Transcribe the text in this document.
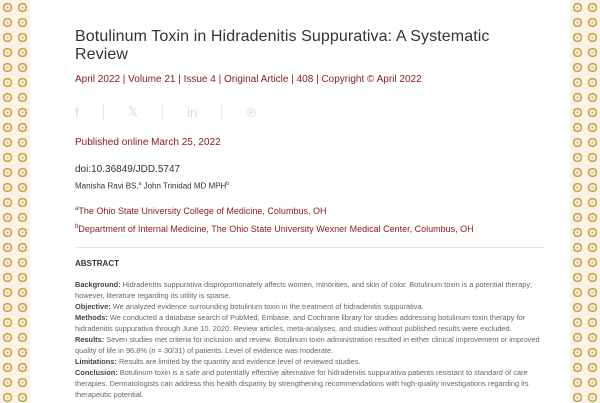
Botulinum Toxin in Hidradenitis Suppurativa: A Systematic Review
April 2022 | Volume 21 | Issue 4 | Original Article | 408 | Copyright © April 2022
f	𝕏	in	℗
Published online March 25, 2022
doi:10.36849/JDD.5747
Manisha Ravi BS,$^a$ John Trinidad MD MPH$^b$
$^a$The Ohio State University College of Medicine, Columbus, OH
$^b$Department of Internal Medicine, The Ohio State University Wexner Medical Center, Columbus, OH
ABSTRACT

Background: Hidradenitis suppurativa disproportionately affects women, minorities, and skin of color. Botulinum toxin is a potential therapy; however, literature regarding its utility is sparse.

Objective: We analyzed evidence surrounding botulinum toxin in the treatment of hidradenitis suppurativa.

Methods: We conducted a database search of PubMed, Embase, and Cochrane library for studies addressing botulinum toxin therapy for hidradenitis suppurativa through June 10, 2020. Review articles, meta-analyses, and studies without published results were excluded.

Results: Seven studies met criteria for inclusion and review. Botulinum toxin administration resulted in either clinical improvement or improved quality of life in 96.8% (n = 30/31) of patients. Level of evidence was moderate.

Limitations: Results are limited by the quantity and evidence level of reviewed studies.

Conclusion: Botulinum toxin is a safe and potentially effective alternative for hidradenitis suppurativa patients resistant to standard of care therapies. Dermatologists can address this health disparity by strengthening recommendations with high-quality investigations regarding its therapeutic potential.
